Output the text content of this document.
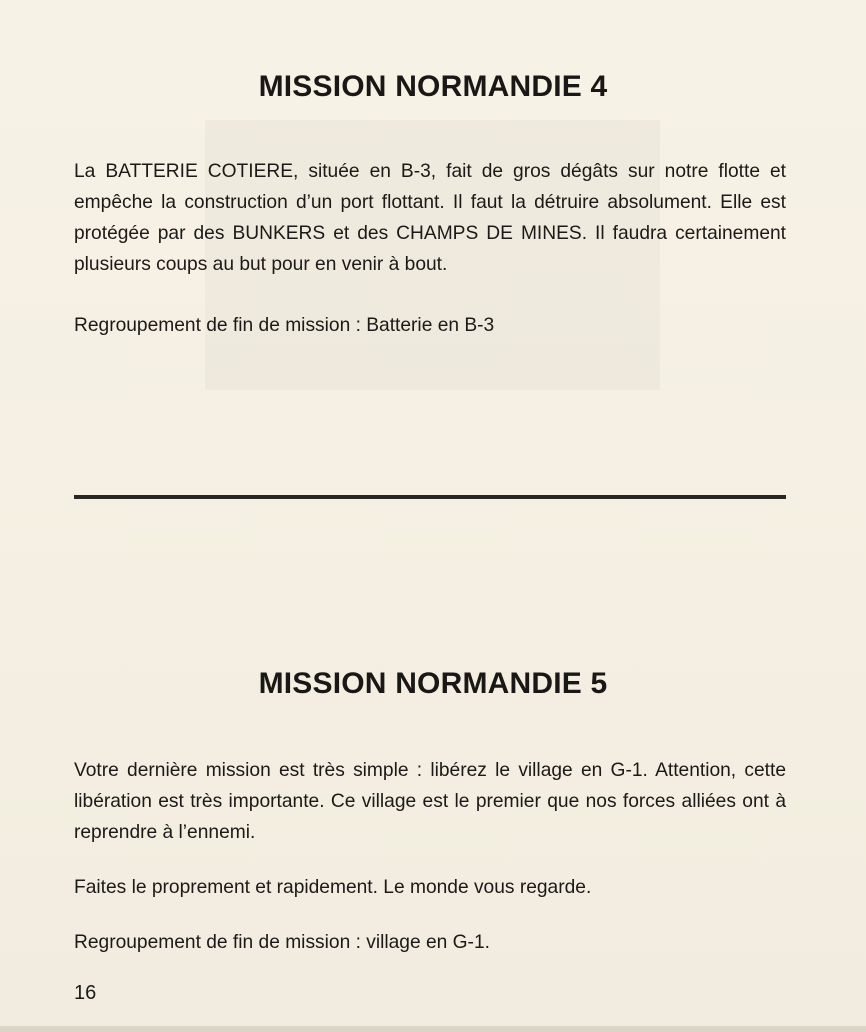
MISSION NORMANDIE 4

La BATTERIE COTIERE, située en B-3, fait de gros dégâts sur notre flotte et empêche la construction d’un port flottant. Il faut la détruire absolument. Elle est protégée par des BUNKERS et des CHAMPS DE MINES. Il faudra certainement plusieurs coups au but pour en venir à bout.

Regroupement de fin de mission : Batterie en B-3

MISSION NORMANDIE 5

Votre dernière mission est très simple : libérez le village en G-1. Attention, cette libération est très importante. Ce village est le premier que nos forces alliées ont à reprendre à l’ennemi.

Faites le proprement et rapidement. Le monde vous regarde.

Regroupement de fin de mission : village en G-1.

16
